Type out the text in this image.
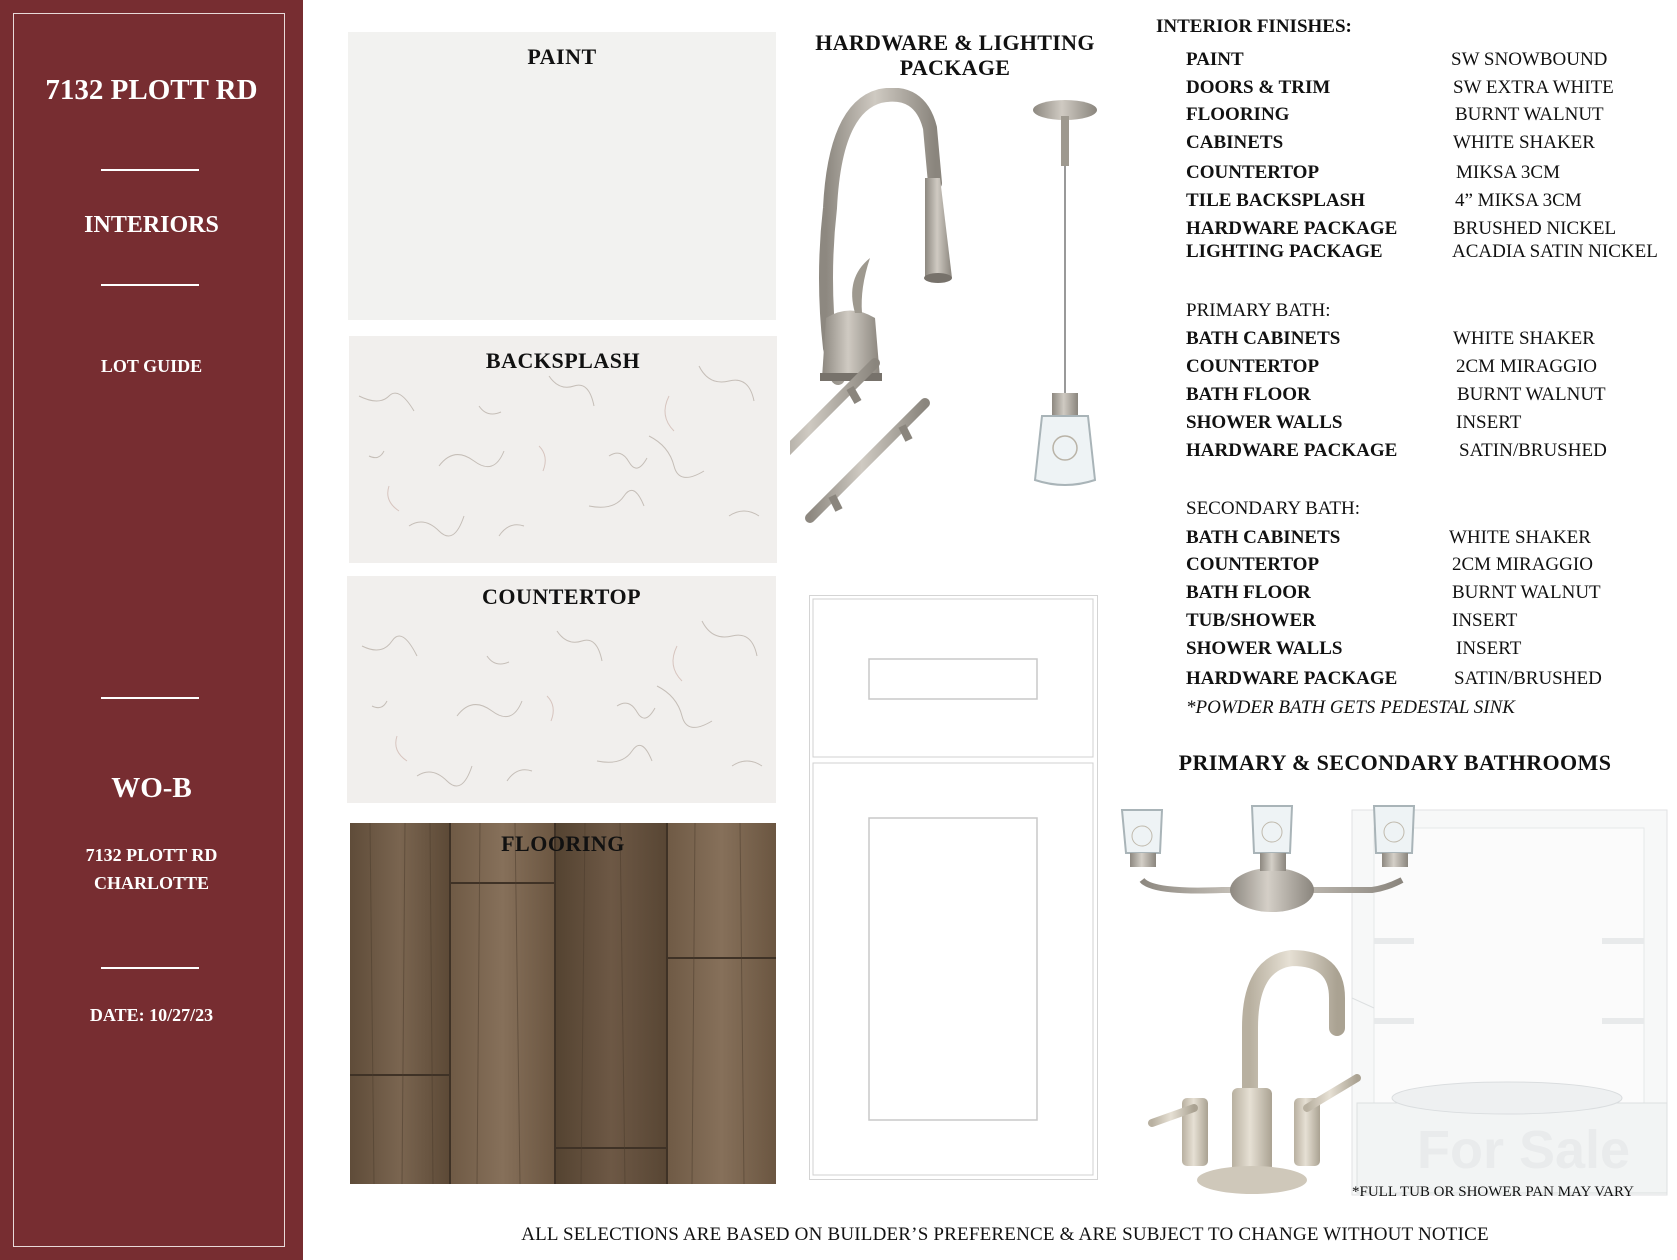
7132 PLOTT RD
INTERIORS
LOT GUIDE
WO-B
7132 PLOTT RD
CHARLOTTE
DATE: 10/27/23
PAINT
BACKSPLASH
COUNTERTOP
FLOORING
HARDWARE & LIGHTING
PACKAGE
INTERIOR FINISHES:
PAINT	SW SNOWBOUND
DOORS & TRIM	SW EXTRA WHITE
FLOORING	BURNT WALNUT
CABINETS	WHITE SHAKER
COUNTERTOP	MIKSA 3CM
TILE BACKSPLASH	4” MIKSA 3CM
HARDWARE PACKAGE	BRUSHED NICKEL
LIGHTING PACKAGE	ACADIA SATIN NICKEL
PRIMARY BATH:
BATH CABINETS	WHITE SHAKER
COUNTERTOP	2CM MIRAGGIO
BATH FLOOR	BURNT WALNUT
SHOWER WALLS	INSERT
HARDWARE PACKAGE	SATIN/BRUSHED
SECONDARY BATH:
BATH CABINETS	WHITE SHAKER
COUNTERTOP	2CM MIRAGGIO
BATH FLOOR	BURNT WALNUT
TUB/SHOWER	INSERT
SHOWER WALLS	INSERT
HARDWARE PACKAGE	SATIN/BRUSHED
*POWDER BATH GETS PEDESTAL SINK
PRIMARY & SECONDARY BATHROOMS
For Sale
*FULL TUB OR SHOWER PAN MAY VARY
ALL SELECTIONS ARE BASED ON BUILDER’S PREFERENCE & ARE SUBJECT TO CHANGE WITHOUT NOTICE
